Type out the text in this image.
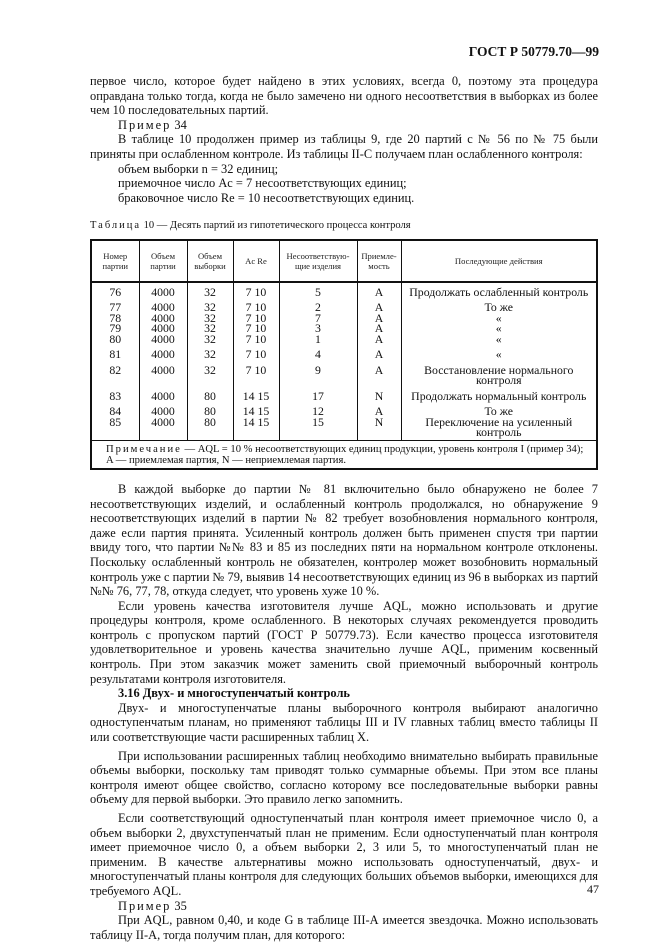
ГОСТ Р 50779.70—99

первое число, которое будет найдено в этих условиях, всегда 0, поэтому эта процедура оправдана только тогда, когда не было замечено ни одного несоответствия в выборках из более чем 10 последовательных партий.

Пример 34

В таблице 10 продолжен пример из таблицы 9, где 20 партий с № 56 по № 75 были приняты при ослабленном контроле. Из таблицы II-С получаем план ослабленного контроля:

объем выборки n = 32 единиц;

приемочное число Ac = 7 несоответствующих единиц;

браковочное число Re = 10 несоответствующих единиц.

Таблица 10 — Десять партий из гипотетического процесса контроля
Номер партии	Объем партии	Объем выборки	Ac Re	Несоответствую-щие изделия	Приемле-мость	Последующие действия
76	4000	32	7 10	5	A	Продолжать ослабленный контроль
77	4000	32	7 10	2	A	То же
78	4000	32	7 10	7	A	«
79	4000	32	7 10	3	A	«
80	4000	32	7 10	1	A	«
81	4000	32	7 10	4	A	«
82	4000	32	7 10	9	A	Восстановление нормального контроля
83	4000	80	14 15	17	N	Продолжать нормальный контроль
84	4000	80	14 15	12	A	То же
85	4000	80	14 15	15	N	Переключение на усиленный контроль
Примечание — AQL = 10 % несоответствующих единиц продукции, уровень контроля I (пример 34); A — приемлемая партия, N — неприемлемая партия.						

В каждой выборке до партии № 81 включительно было обнаружено не более 7 несоответствующих изделий, и ослабленный контроль продолжался, но обнаружение 9 несоответствующих изделий в партии № 82 требует возобновления нормального контроля, даже если партия принята. Усиленный контроль должен быть применен спустя три партии ввиду того, что партии №№ 83 и 85 из последних пяти на нормальном контроле отклонены. Поскольку ослабленный контроль не обязателен, контролер может возобновить нормальный контроль уже с партии № 79, выявив 14 несоответствующих единиц из 96 в выборках из партий №№ 76, 77, 78, откуда следует, что уровень хуже 10 %.

Если уровень качества изготовителя лучше AQL, можно использовать и другие процедуры контроля, кроме ослабленного. В некоторых случаях рекомендуется проводить контроль с пропуском партий (ГОСТ Р 50779.73). Если качество процесса изготовителя удовлетворительное и уровень качества значительно лучше AQL, применим косвенный контроль. При этом заказчик может заменить свой приемочный выборочный контроль результатами контроля изготовителя.

3.16 Двух- и многоступенчатый контроль

Двух- и многоступенчатые планы выборочного контроля выбирают аналогично одноступенчатым планам, но применяют таблицы III и IV главных таблиц вместо таблицы II или соответствующие части расширенных таблиц X.

При использовании расширенных таблиц необходимо внимательно выбирать правильные объемы выборки, поскольку там приводят только суммарные объемы. При этом все планы контроля имеют общее свойство, согласно которому все последовательные выборки равны объему для первой выборки. Это правило легко запомнить.

Если соответствующий одноступенчатый план контроля имеет приемочное число 0, а объем выборки 2, двухступенчатый план не применим. Если одноступенчатый план контроля имеет приемочное число 0, а объем выборки 2, 3 или 5, то многоступенчатый план не применим. В качестве альтернативы можно использовать одноступенчатый, двух- и многоступенчатый планы контроля для следующих больших объемов выборки, имеющихся для требуемого AQL.

Пример 35

При AQL, равном 0,40, и коде G в таблице III-А имеется звездочка. Можно использовать таблицу II-А, тогда получим план, для которого:

47
